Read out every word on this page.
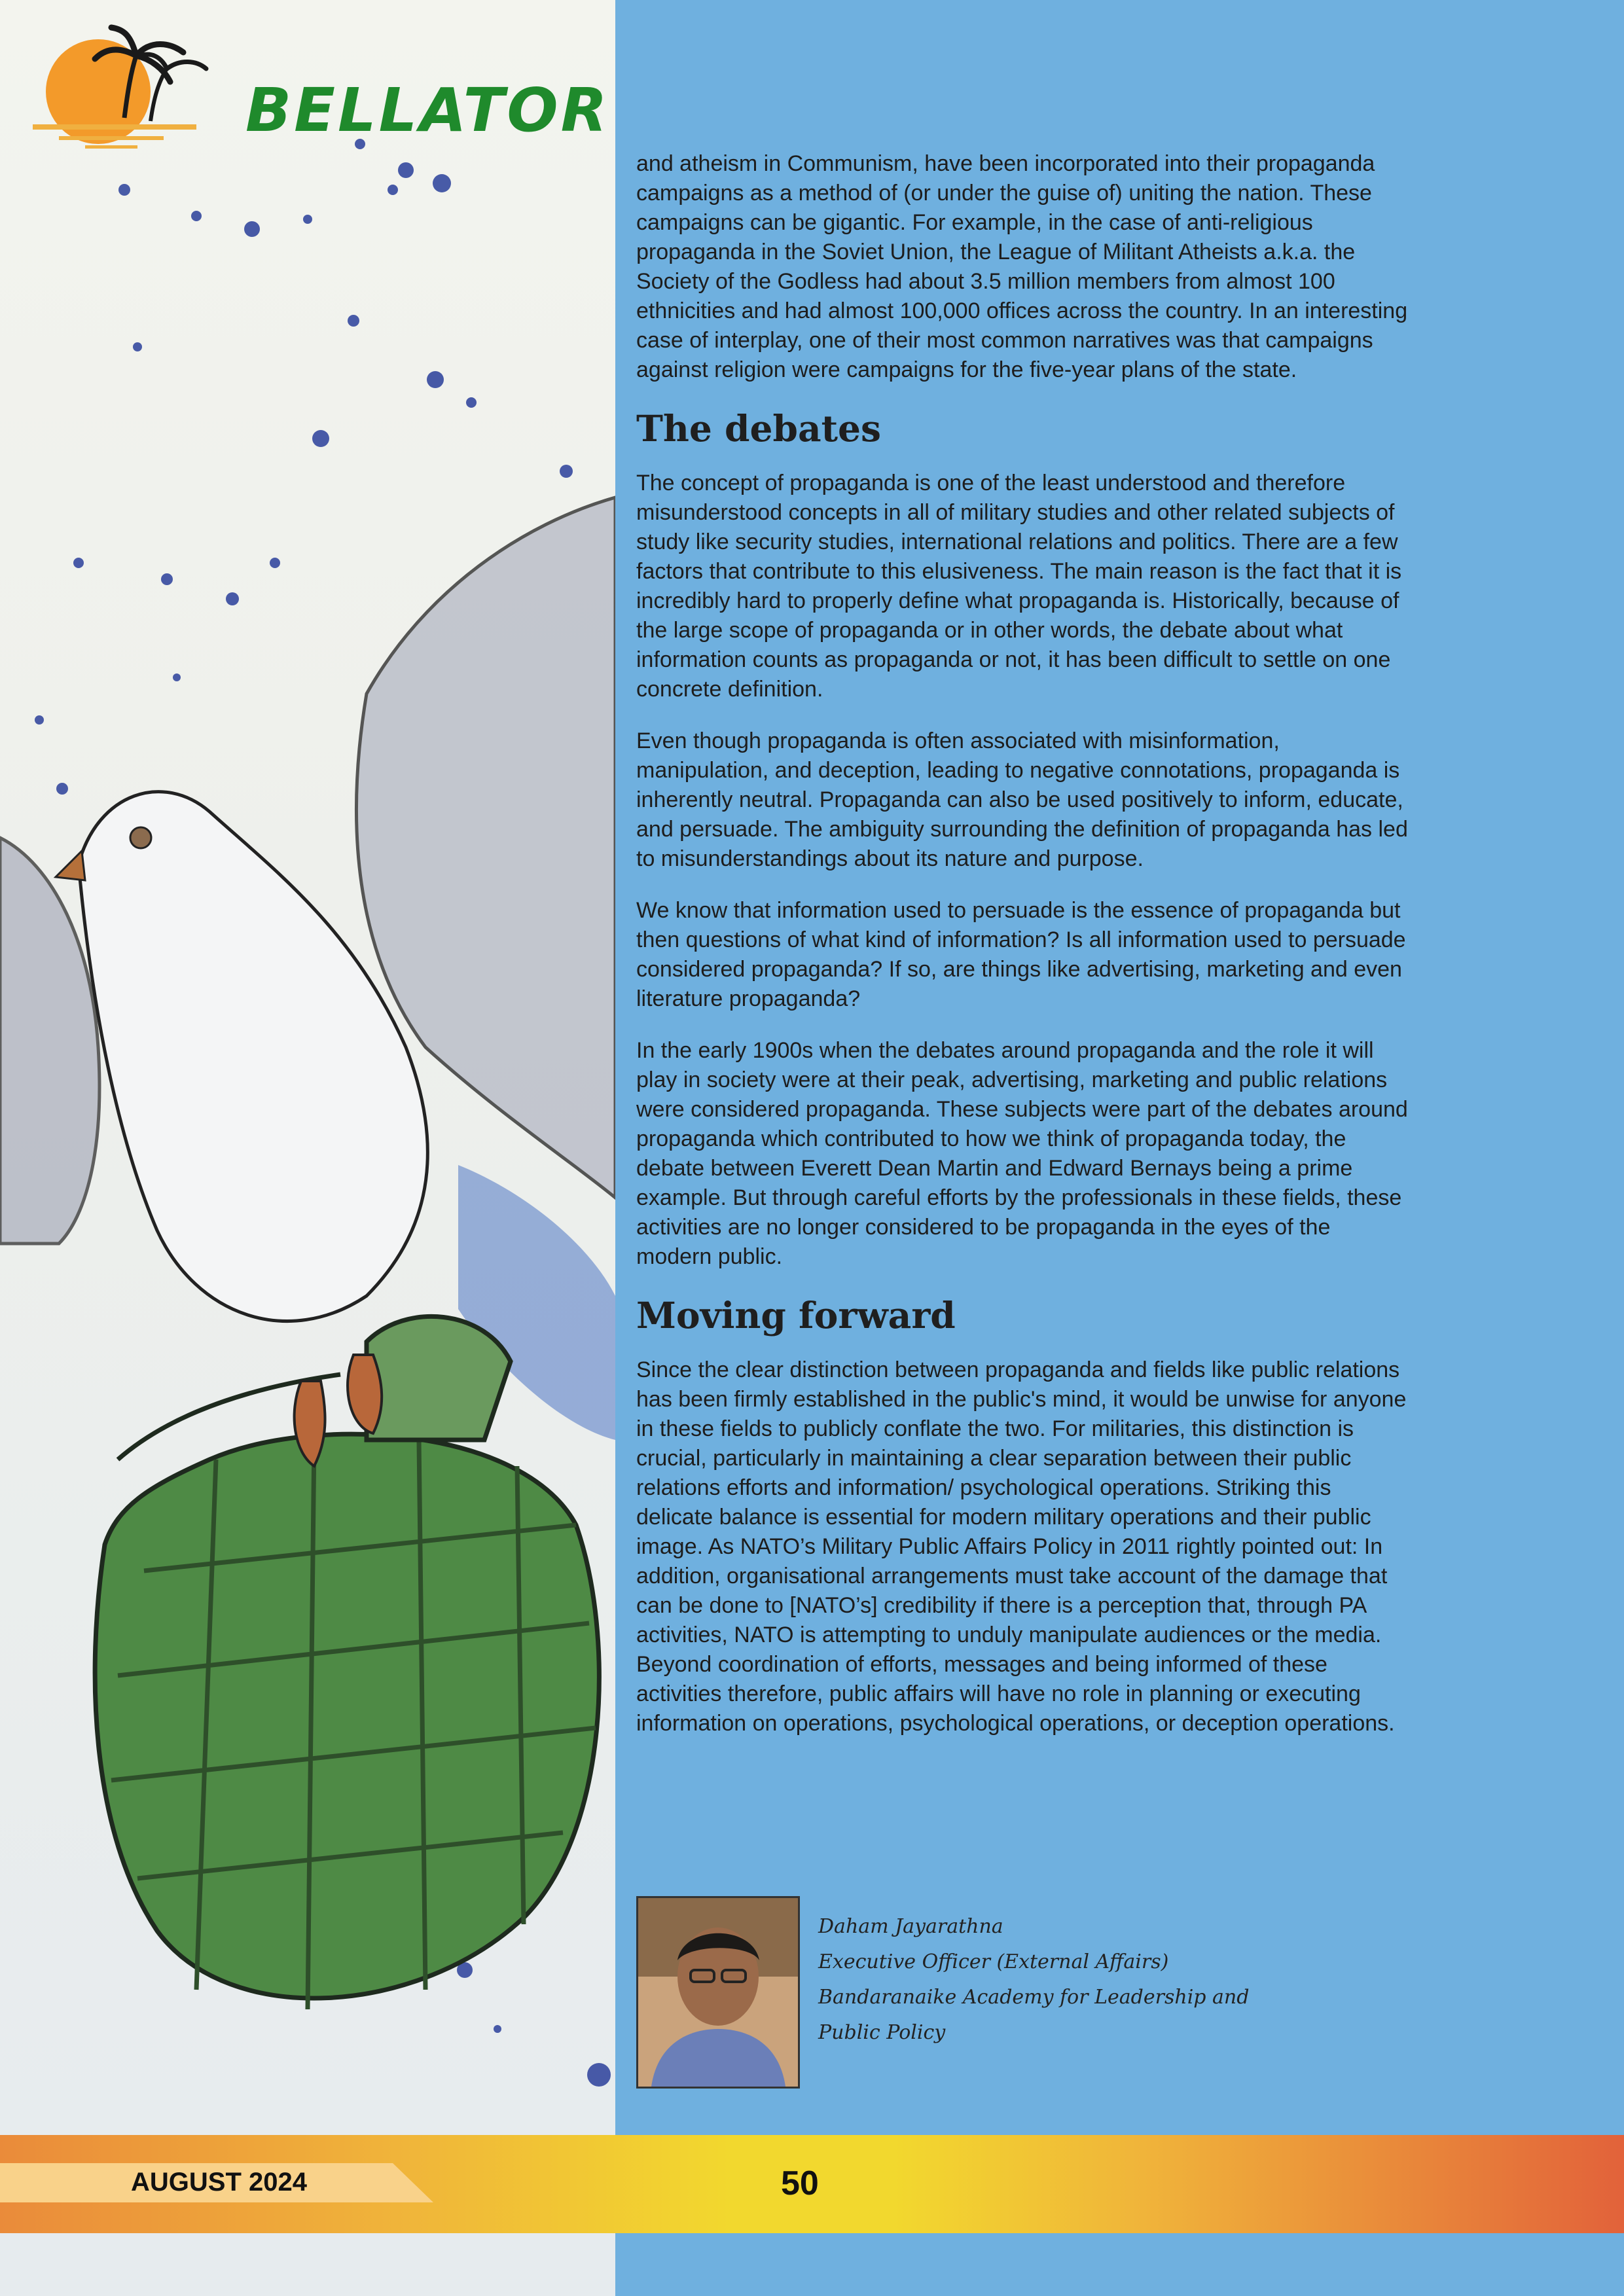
BELLATOR

and atheism in Communism, have been incorporated into their propaganda campaigns as a method of (or under the guise of) uniting the nation. These campaigns can be gigantic. For example, in the case of anti-religious propaganda in the Soviet Union, the League of Militant Atheists a.k.a. the Society of the Godless had about 3.5 million members from almost 100 ethnicities and had almost 100,000 offices across the country. In an interesting case of interplay, one of their most common narratives was that campaigns against religion were campaigns for the five-year plans of the state.

The debates

The concept of propaganda is one of the least understood and therefore misunderstood concepts in all of military studies and other related subjects of study like security studies, international relations and politics. There are a few factors that contribute to this elusiveness. The main reason is the fact that it is incredibly hard to properly define what propaganda is. Historically, because of the large scope of propaganda or in other words, the debate about what information counts as propaganda or not, it has been difficult to settle on one concrete definition.

Even though propaganda is often associated with misinformation, manipulation, and deception, leading to negative connotations, propaganda is inherently neutral. Propaganda can also be used positively to inform, educate, and persuade. The ambiguity surrounding the definition of propaganda has led to misunderstandings about its nature and purpose.

We know that information used to persuade is the essence of propaganda but then questions of what kind of information? Is all information used to persuade considered propaganda? If so, are things like advertising, marketing and even literature propaganda?

In the early 1900s when the debates around propaganda and the role it will play in society were at their peak, advertising, marketing and public relations were considered propaganda. These subjects were part of the debates around propaganda which contributed to how we think of propaganda today, the debate between Everett Dean Martin and Edward Bernays being a prime example. But through careful efforts by the professionals in these fields, these activities are no longer considered to be propaganda in the eyes of the modern public.

Moving forward

Since the clear distinction between propaganda and fields like public relations has been firmly established in the public's mind, it would be unwise for anyone in these fields to publicly conflate the two. For militaries, this distinction is crucial, particularly in maintaining a clear separation between their public relations efforts and information/ psychological operations. Striking this delicate balance is essential for modern military operations and their public image. As NATO’s Military Public Affairs Policy in 2011 rightly pointed out: In addition, organisational arrangements must take account of the damage that can be done to [NATO’s] credibility if there is a perception that, through PA activities, NATO is attempting to unduly manipulate audiences or the media. Beyond coordination of efforts, messages and being informed of these activities therefore, public affairs will have no role in planning or executing information on operations, psychological operations, or deception operations.

Daham Jayarathna
Executive Officer (External Affairs)
Bandaranaike Academy for Leadership and
Public Policy
AUGUST 2024	50
